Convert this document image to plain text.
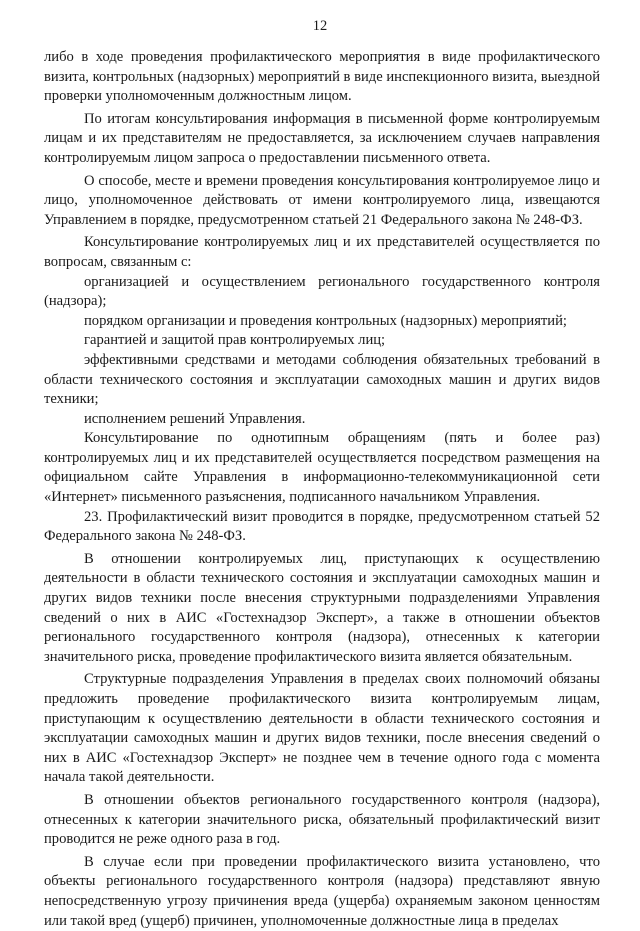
12

либо в ходе проведения профилактического мероприятия в виде профилактического визита, контрольных (надзорных) мероприятий в виде инспекционного визита, выездной проверки уполномоченным должностным лицом.

По итогам консультирования информация в письменной форме контролируемым лицам и их представителям не предоставляется, за исключением случаев направления контролируемым лицом запроса о предоставлении письменного ответа.

О способе, месте и времени проведения консультирования контролируемое лицо и лицо, уполномоченное действовать от имени контролируемого лица, извещаются Управлением в порядке, предусмотренном статьей 21 Федерального закона № 248-ФЗ.

Консультирование контролируемых лиц и их представителей осуществляется по вопросам, связанным с:

организацией и осуществлением регионального государственного контроля (надзора);

порядком организации и проведения контрольных (надзорных) мероприятий;

гарантией и защитой прав контролируемых лиц;

эффективными средствами и методами соблюдения обязательных требований в области технического состояния и эксплуатации самоходных машин и других видов техники;

исполнением решений Управления.

Консультирование по однотипным обращениям (пять и более раз) контролируемых лиц и их представителей осуществляется посредством размещения на официальном сайте Управления в информационно-телекоммуникационной сети «Интернет» письменного разъяснения, подписанного начальником Управления.

23. Профилактический визит проводится в порядке, предусмотренном статьей 52 Федерального закона № 248-ФЗ.

В отношении контролируемых лиц, приступающих к осуществлению деятельности в области технического состояния и эксплуатации самоходных машин и других видов техники после внесения структурными подразделениями Управления сведений о них в АИС «Гостехнадзор Эксперт», а также в отношении объектов регионального государственного контроля (надзора), отнесенных к категории значительного риска, проведение профилактического визита является обязательным.

Структурные подразделения Управления в пределах своих полномочий обязаны предложить проведение профилактического визита контролируемым лицам, приступающим к осуществлению деятельности в области технического состояния и эксплуатации самоходных машин и других видов техники, после внесения сведений о них в АИС «Гостехнадзор Эксперт» не позднее чем в течение одного года с момента начала такой деятельности.

В отношении объектов регионального государственного контроля (надзора), отнесенных к категории значительного риска, обязательный профилактический визит проводится не реже одного раза в год.

В случае если при проведении профилактического визита установлено, что объекты регионального государственного контроля (надзора) представляют явную непосредственную угрозу причинения вреда (ущерба) охраняемым законом ценностям или такой вред (ущерб) причинен, уполномоченные должностные лица в пределах
